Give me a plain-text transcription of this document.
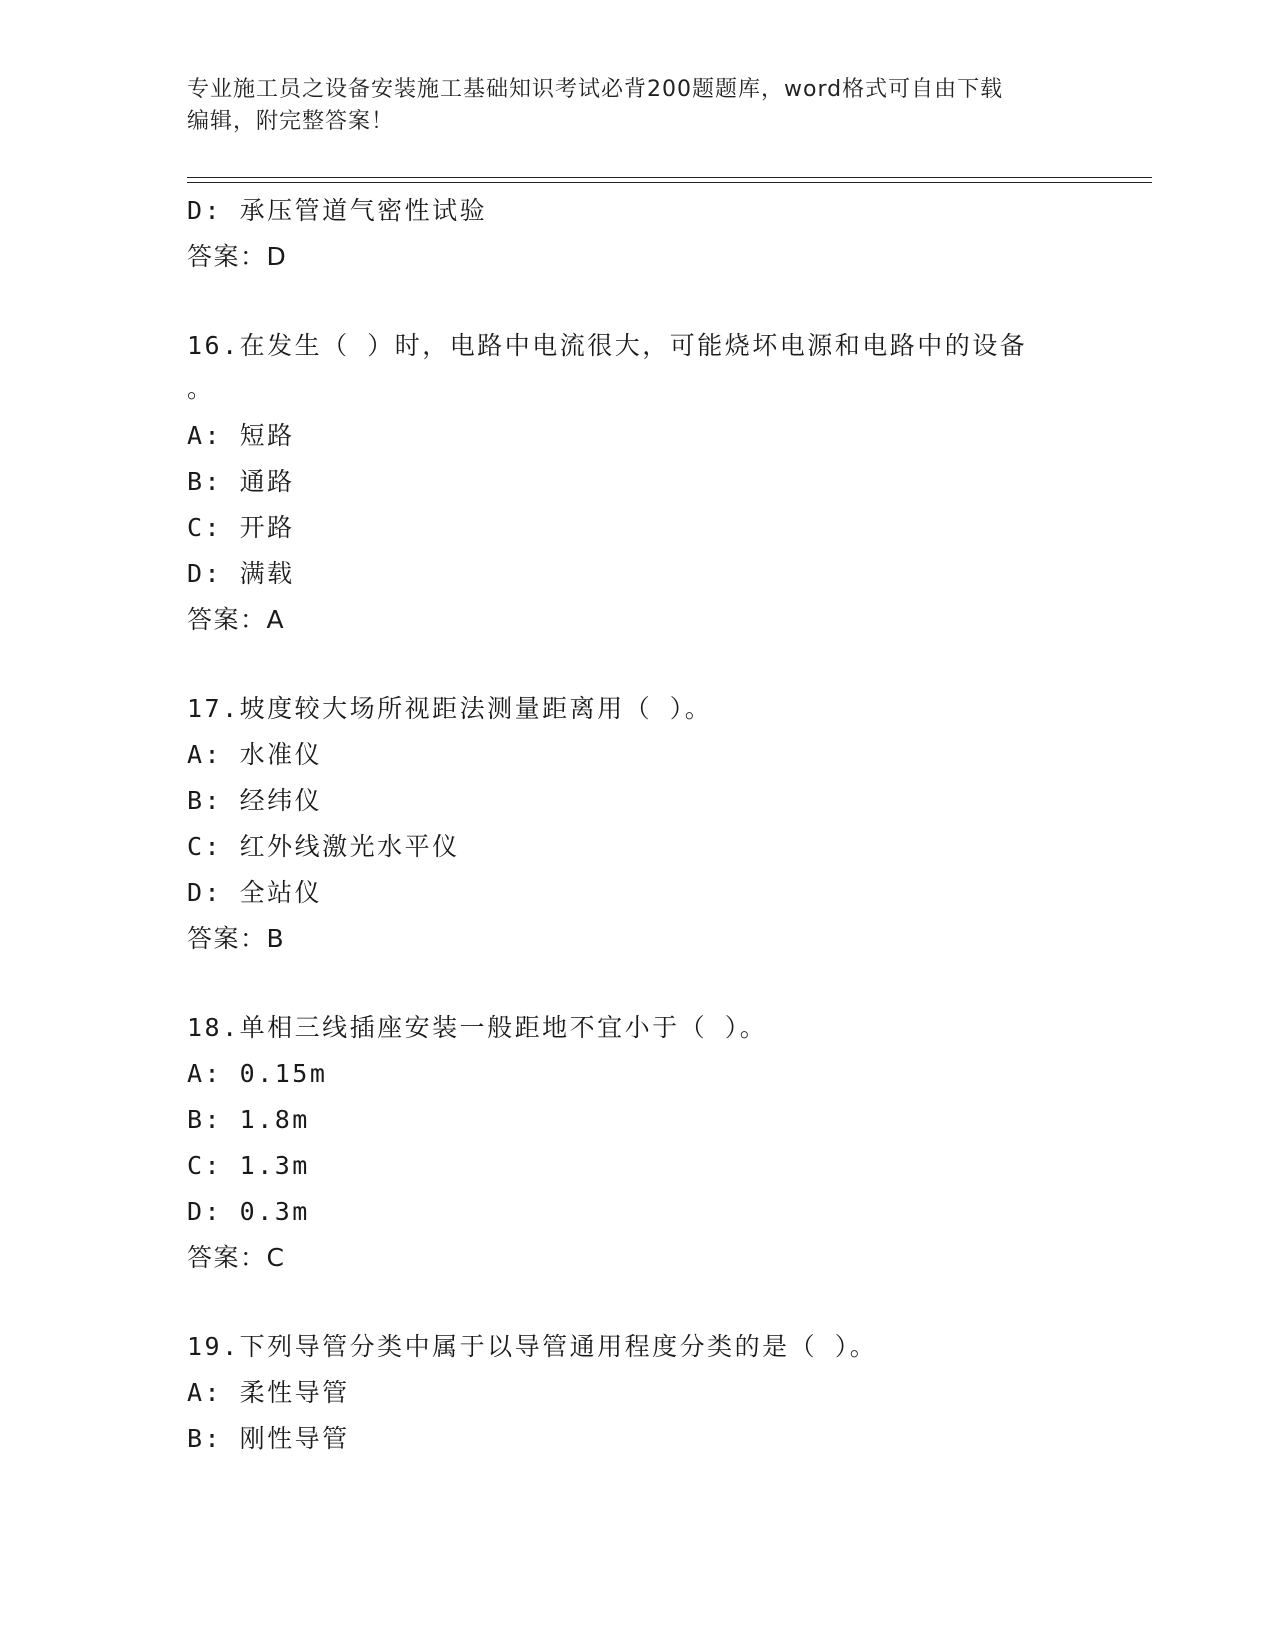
专业施工员之设备安装施工基础知识考试必背200题题库，word格式可自由下载
编辑，附完整答案！
D: 承压管道气密性试验
答案：D
16.在发生（ ）时，电路中电流很大，可能烧坏电源和电路中的设备
。
A: 短路
B: 通路
C: 开路
D: 满载
答案：A
17.坡度较大场所视距法测量距离用（ ）。
A: 水准仪
B: 经纬仪
C: 红外线激光水平仪
D: 全站仪
答案：B
18.单相三线插座安装一般距地不宜小于（ ）。
A: 0.15m
B: 1.8m
C: 1.3m
D: 0.3m
答案：C
19.下列导管分类中属于以导管通用程度分类的是（ ）。
A: 柔性导管
B: 刚性导管
